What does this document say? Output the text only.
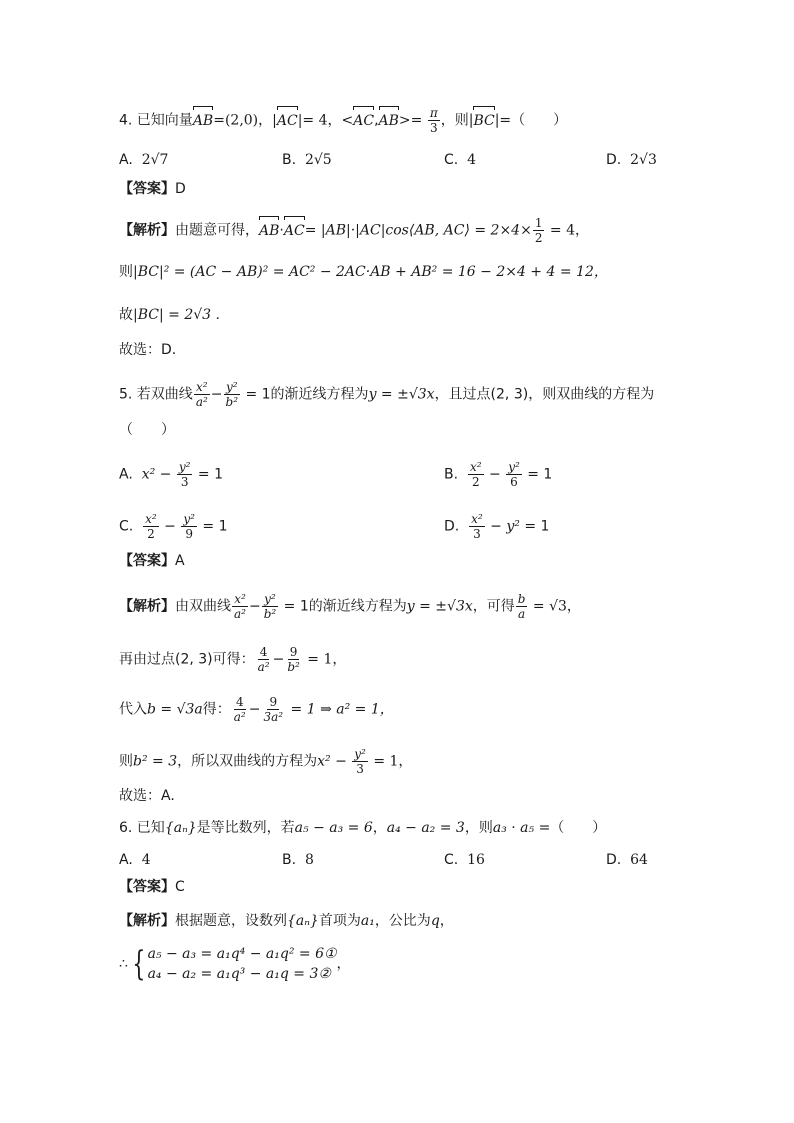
4. 已知向量AB=(2,0)，|AC|= 4，$<AC,AB>= \frac{\pi}{3}$ ，则|BC|=（　　）
A. 2√7	B. 2√5	C. 4	D. 2√3
【答案】D
【解析】由题意可得，AB·AC= |AB|·|AC|cos⟨AB, AC⟩ = $2\times 4\times \frac{1}{2} = 4$，
则|BC|² = (AC − AB)² = AC² − 2AC·AB + AB² = 16 − 2×4 + 4 = 12，
故|BC| = 2√3 .
故选：D.
5. 若双曲线 $\frac{\text{x²}}{\text{a²}} - \frac{\text{y²}}{\text{b²}} = 1$的渐近线方程为y = ±√3x，且过点(2, 3)，则双曲线的方程为
（　　）
A. $x^2 - \frac{\text{y²}}{3} = 1$	B. $\frac{\text{x²}}{2} - \frac{\text{y²}}{6} = 1$
C. $\frac{\text{x²}}{2} - \frac{\text{y²}}{9} = 1$	D. $\frac{\text{x²}}{3} - y^2 = 1$
【答案】A
【解析】由双曲线 $\frac{\text{x²}}{\text{a²}} - \frac{\text{y²}}{\text{b²}} = 1$的渐近线方程为y = ±√3x，可得 $\frac{b}{a} = √3$，
再由过点(2, 3)可得： $\frac{4}{\text{a²}} - \frac{9}{\text{b²}} = 1$，
代入b = √3a得： $\frac{4}{\text{a²}} - \frac{9}{\text{3a²}} = 1$ ⇒ a² = 1，
则b² = 3，所以双曲线的方程为$x^2 - \frac{\text{y²}}{3} = 1$，
故选：A.
6. 已知{aₙ}是等比数列，若a₅ − a₃ = 6，a₄ − a₂ = 3，则a₃ · a₅ =（　　）
A. 4	B. 8	C. 16	D. 64
【答案】C
【解析】根据题意，设数列{aₙ}首项为a₁，公比为q，
∴ { a₅ − a₃ = a₁q⁴ − a₁q² = 6①
a₄ − a₂ = a₁q³ − a₁q = 3②
，
